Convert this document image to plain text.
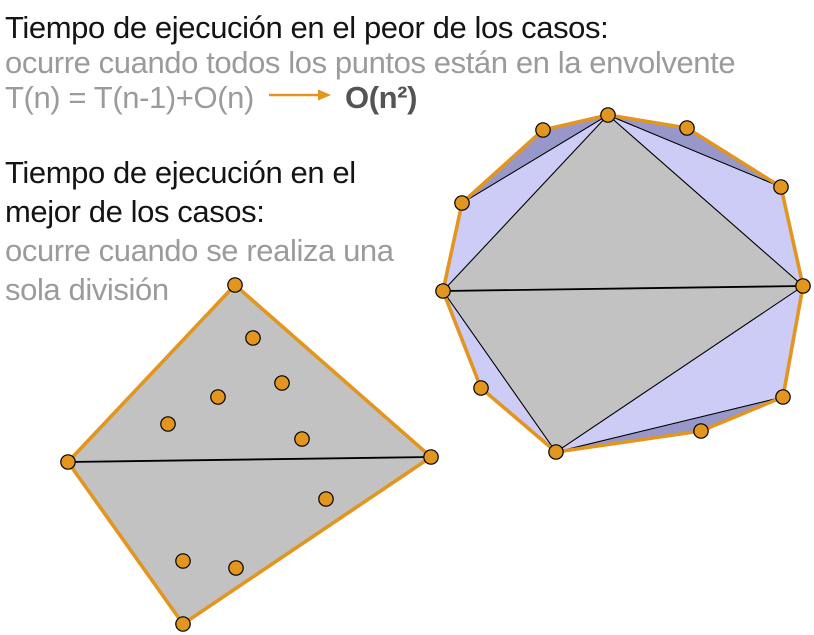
Tiempo de ejecución en el peor de los casos:
ocurre cuando todos los puntos están en la envolvente
T(n) = T(n-1)+O(n)	O(n²)
Tiempo de ejecución en el
mejor de los casos:
ocurre cuando se realiza una
sola división
